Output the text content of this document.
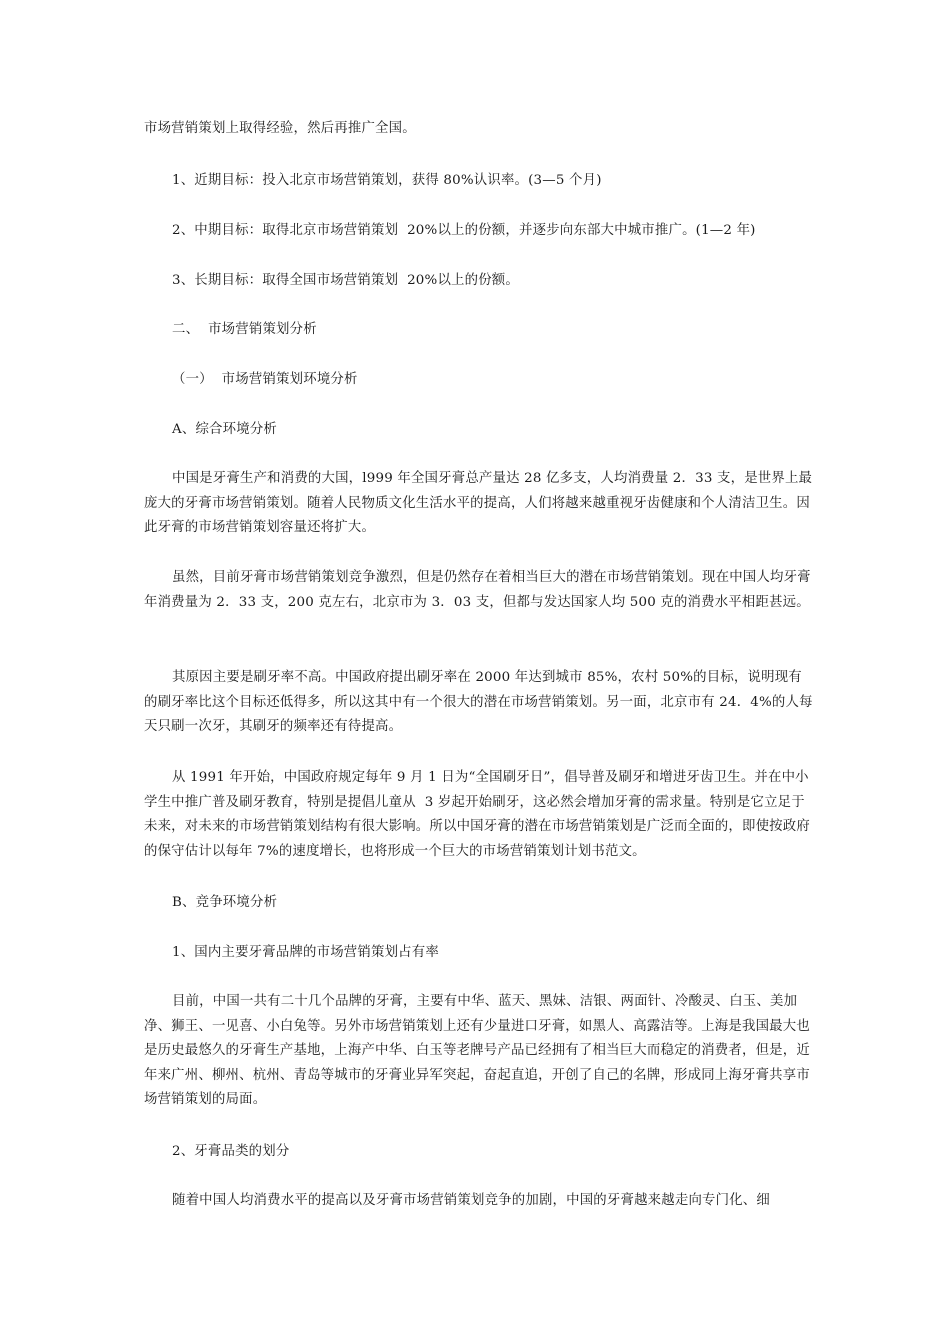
市场营销策划上取得经验，然后再推广全国。

1、近期目标：投入北京市场营销策划，获得 80%认识率。(3—5 个月)

2、中期目标：取得北京市场营销策划  20%以上的份额，并逐步向东部大中城市推广。(1—2 年)

3、长期目标：取得全国市场营销策划  20%以上的份额。

二、  市场营销策划分析

（一）  市场营销策划环境分析

A、综合环境分析

中国是牙膏生产和消费的大国，l999 年全国牙膏总产量达 28 亿多支，人均消费量 2．33 支，是世界上最庞大的牙膏市场营销策划。随着人民物质文化生活水平的提高，人们将越来越重视牙齿健康和个人清洁卫生。因此牙膏的市场营销策划容量还将扩大。

虽然，目前牙膏市场营销策划竞争激烈，但是仍然存在着相当巨大的潜在市场营销策划。现在中国人均牙膏年消费量为 2．33 支，200 克左右，北京市为 3．03 支，但都与发达国家人均 500 克的消费水平相距甚远。

其原因主要是刷牙率不高。中国政府提出刷牙率在 2000 年达到城市 85%，农村 50%的目标，说明现有的刷牙率比这个目标还低得多，所以这其中有一个很大的潜在市场营销策划。另一面，北京市有 24．4%的人每天只刷一次牙，其刷牙的频率还有待提高。

从 1991 年开始，中国政府规定每年 9 月 1 日为“全国刷牙日”，倡导普及刷牙和增进牙齿卫生。并在中小学生中推广普及刷牙教育，特别是提倡儿童从  3 岁起开始刷牙，这必然会增加牙膏的需求量。特别是它立足于未来，对未来的市场营销策划结构有很大影响。所以中国牙膏的潜在市场营销策划是广泛而全面的，即使按政府的保守估计以每年 7%的速度增长，也将形成一个巨大的市场营销策划计划书范文。

B、竞争环境分析

1、国内主要牙膏品牌的市场营销策划占有率

目前，中国一共有二十几个品牌的牙膏，主要有中华、蓝天、黑妹、洁银、两面针、冷酸灵、白玉、美加净、狮王、一见喜、小白兔等。另外市场营销策划上还有少量进口牙膏，如黑人、高露洁等。上海是我国最大也是历史最悠久的牙膏生产基地，上海产中华、白玉等老牌号产品已经拥有了相当巨大而稳定的消费者，但是，近年来广州、柳州、杭州、青岛等城市的牙膏业异军突起，奋起直追，开创了自己的名牌，形成同上海牙膏共享市场营销策划的局面。

2、牙膏品类的划分

随着中国人均消费水平的提高以及牙膏市场营销策划竞争的加剧，中国的牙膏越来越走向专门化、细
